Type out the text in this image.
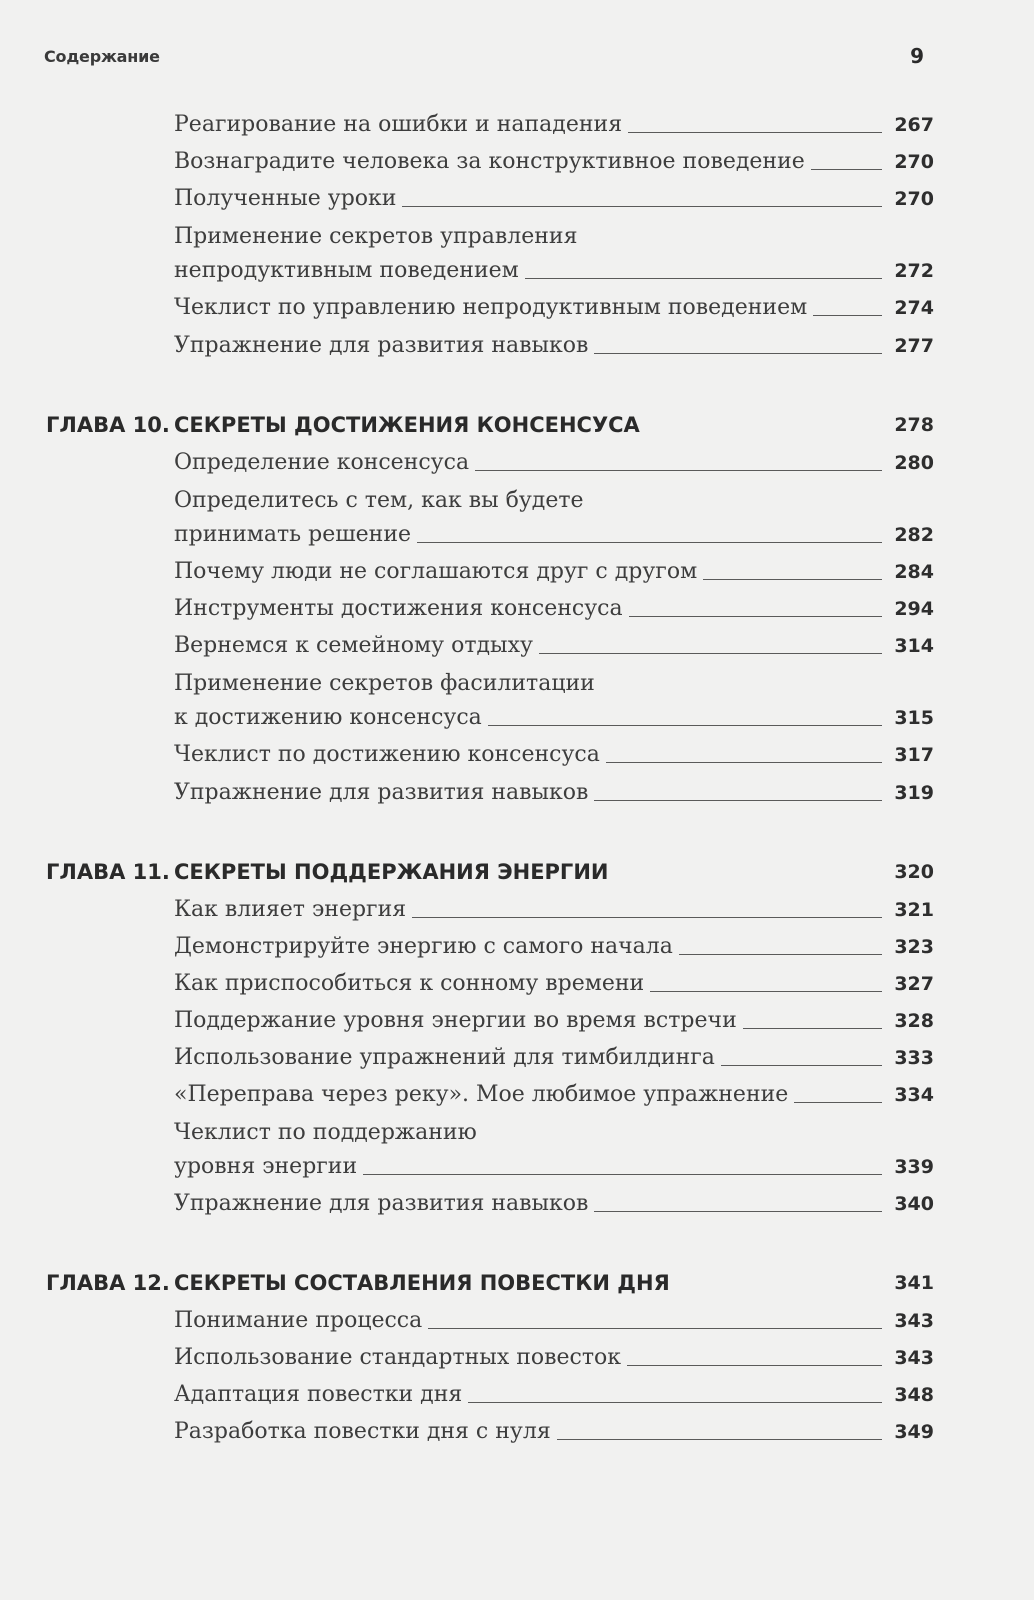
Содержание	9
Реагирование на ошибки и нападения	267
Вознаградите человека за конструктивное поведение	270
Полученные уроки	270
Применение секретов управления
непродуктивным поведением	272
Чеклист по управлению непродуктивным поведением	274
Упражнение для развития навыков	277
ГЛАВА 10. СЕКРЕТЫ ДОСТИЖЕНИЯ КОНСЕНСУСА	278
Определение консенсуса	280
Определитесь с тем, как вы будете
принимать решение	282
Почему люди не соглашаются друг с другом	284
Инструменты достижения консенсуса	294
Вернемся к семейному отдыху	314
Применение секретов фасилитации
к достижению консенсуса	315
Чеклист по достижению консенсуса	317
Упражнение для развития навыков	319
ГЛАВА 11. СЕКРЕТЫ ПОДДЕРЖАНИЯ ЭНЕРГИИ	320
Как влияет энергия	321
Демонстрируйте энергию с самого начала	323
Как приспособиться к сонному времени	327
Поддержание уровня энергии во время встречи	328
Использование упражнений для тимбилдинга	333
«Переправа через реку». Мое любимое упражнение	334
Чеклист по поддержанию
уровня энергии	339
Упражнение для развития навыков	340
ГЛАВА 12. СЕКРЕТЫ СОСТАВЛЕНИЯ ПОВЕСТКИ ДНЯ	341
Понимание процесса	343
Использование стандартных повесток	343
Адаптация повестки дня	348
Разработка повестки дня с нуля	349
